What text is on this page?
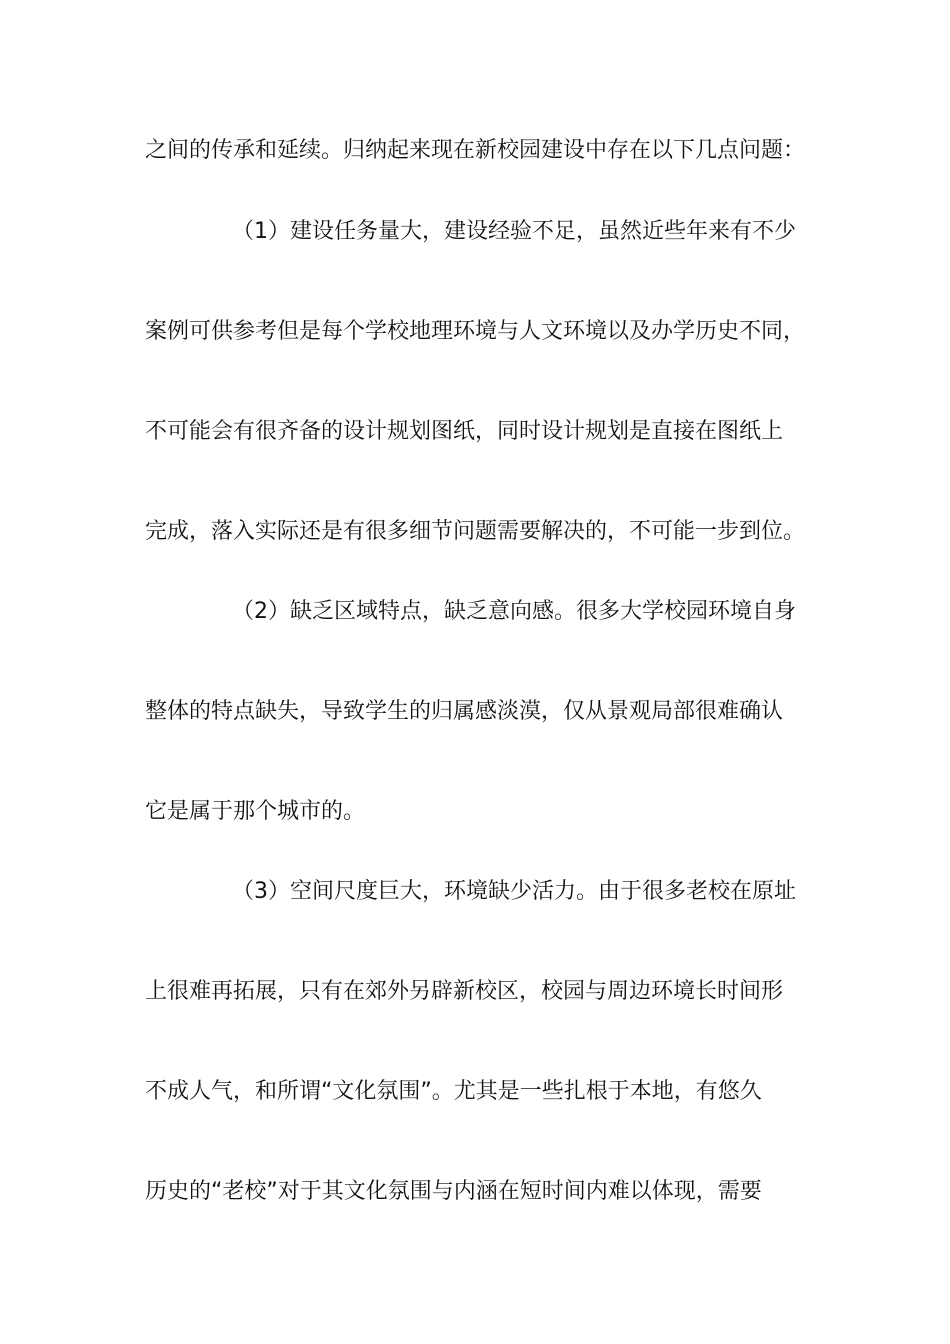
之间的传承和延续。归纳起来现在新校园建设中存在以下几点问题：
（1）建设任务量大，建设经验不足，虽然近些年来有不少
案例可供参考但是每个学校地理环境与人文环境以及办学历史不同，
不可能会有很齐备的设计规划图纸，同时设计规划是直接在图纸上
完成，落入实际还是有很多细节问题需要解决的，不可能一步到位。
（2）缺乏区域特点，缺乏意向感。很多大学校园环境自身
整体的特点缺失，导致学生的归属感淡漠，仅从景观局部很难确认
它是属于那个城市的。
（3）空间尺度巨大，环境缺少活力。由于很多老校在原址
上很难再拓展，只有在郊外另辟新校区，校园与周边环境长时间形
不成人气，和所谓“文化氛围”。尤其是一些扎根于本地，有悠久
历史的“老校”对于其文化氛围与内涵在短时间内难以体现，需要
